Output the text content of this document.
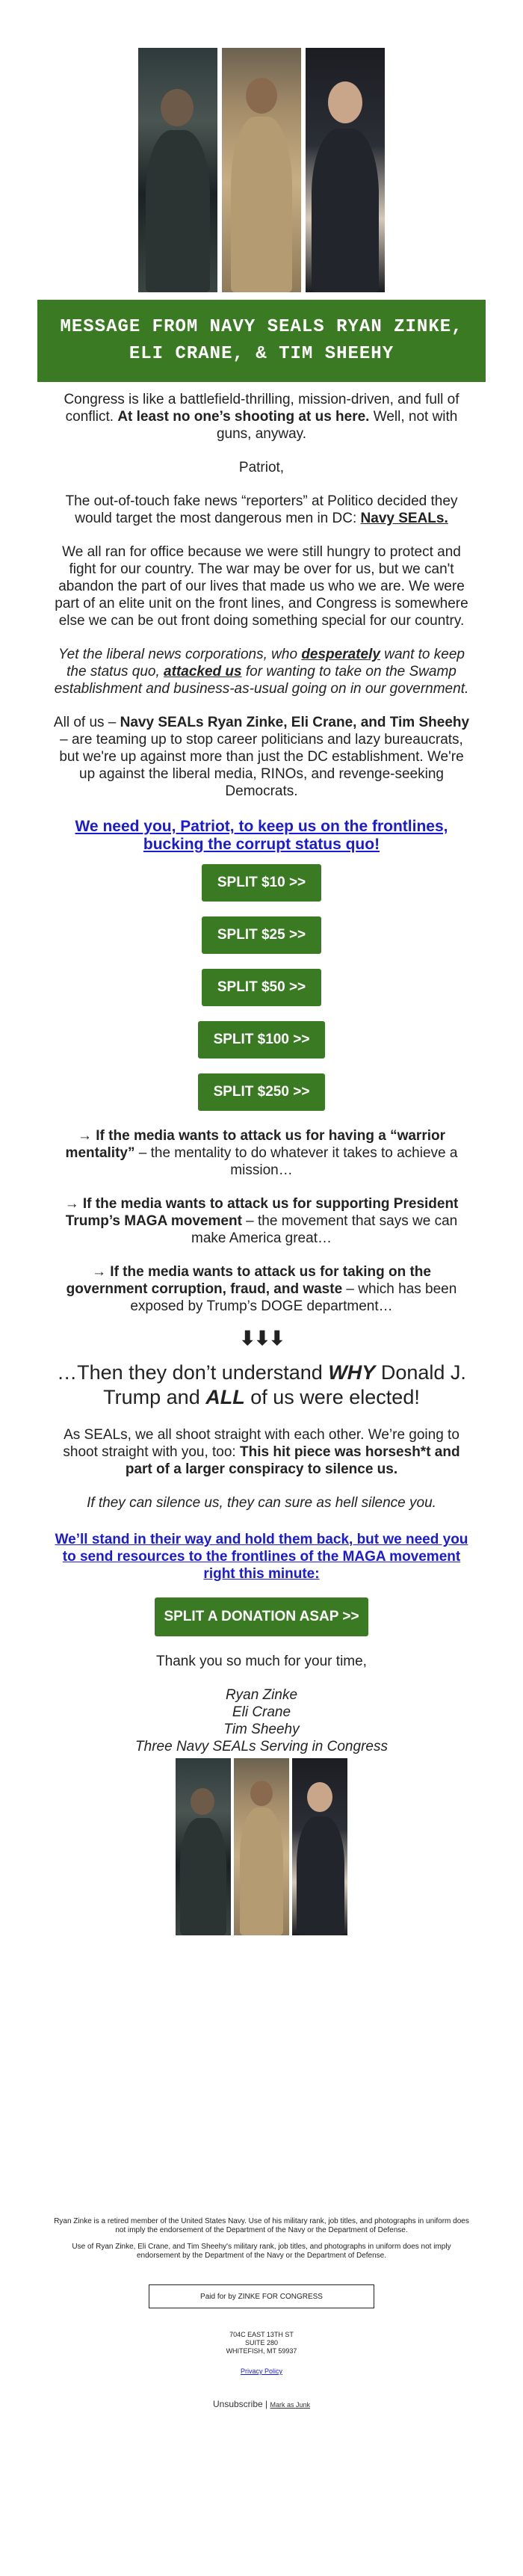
MESSAGE FROM NAVY SEALS RYAN ZINKE, ELI CRANE, & TIM SHEEHY

Congress is like a battlefield-thrilling, mission-driven, and full of conflict. At least no one’s shooting at us here. Well, not with guns, anyway.

Patriot,

The out-of-touch fake news “reporters” at Politico decided they would target the most dangerous men in DC: Navy SEALs.

We all ran for office because we were still hungry to protect and fight for our country. The war may be over for us, but we can't abandon the part of our lives that made us who we are. We were part of an elite unit on the front lines, and Congress is somewhere else we can be out front doing something special for our country.

Yet the liberal news corporations, who desperately want to keep the status quo, attacked us for wanting to take on the Swamp establishment and business-as-usual going on in our government.

All of us – Navy SEALs Ryan Zinke, Eli Crane, and Tim Sheehy – are teaming up to stop career politicians and lazy bureaucrats, but we're up against more than just the DC establishment. We're up against the liberal media, RINOs, and revenge-seeking Democrats.

We need you, Patriot, to keep us on the frontlines, bucking the corrupt status quo!
SPLIT $10 >>
SPLIT $25 >>
SPLIT $50 >>
SPLIT $100 >>
SPLIT $250 >>

→ If the media wants to attack us for having a “warrior mentality” – the mentality to do whatever it takes to achieve a mission…

→ If the media wants to attack us for supporting President Trump’s MAGA movement – the movement that says we can make America great…

→ If the media wants to attack us for taking on the government corruption, fraud, and waste – which has been exposed by Trump’s DOGE department…

⬇⬇⬇

…Then they don’t understand WHY Donald J. Trump and ALL of us were elected!

As SEALs, we all shoot straight with each other. We’re going to shoot straight with you, too: This hit piece was horsesh*t and part of a larger conspiracy to silence us.

If they can silence us, they can sure as hell silence you.

We’ll stand in their way and hold them back, but we need you to send resources to the frontlines of the MAGA movement right this minute:
SPLIT A DONATION ASAP >>

Thank you so much for your time,

Ryan Zinke
Eli Crane
Tim Sheehy
Three Navy SEALs Serving in Congress

Ryan Zinke is a retired member of the United States Navy. Use of his military rank, job titles, and photographs in uniform does not imply the endorsement of the Department of the Navy or the Department of Defense.

Use of Ryan Zinke, Eli Crane, and Tim Sheehy's military rank, job titles, and photographs in uniform does not imply endorsement by the Department of the Navy or the Department of Defense.

Paid for by ZINKE FOR CONGRESS
704C EAST 13TH ST
SUITE 280
WHITEFISH, MT 59937
Privacy Policy
Unsubscribe | Mark as Junk
